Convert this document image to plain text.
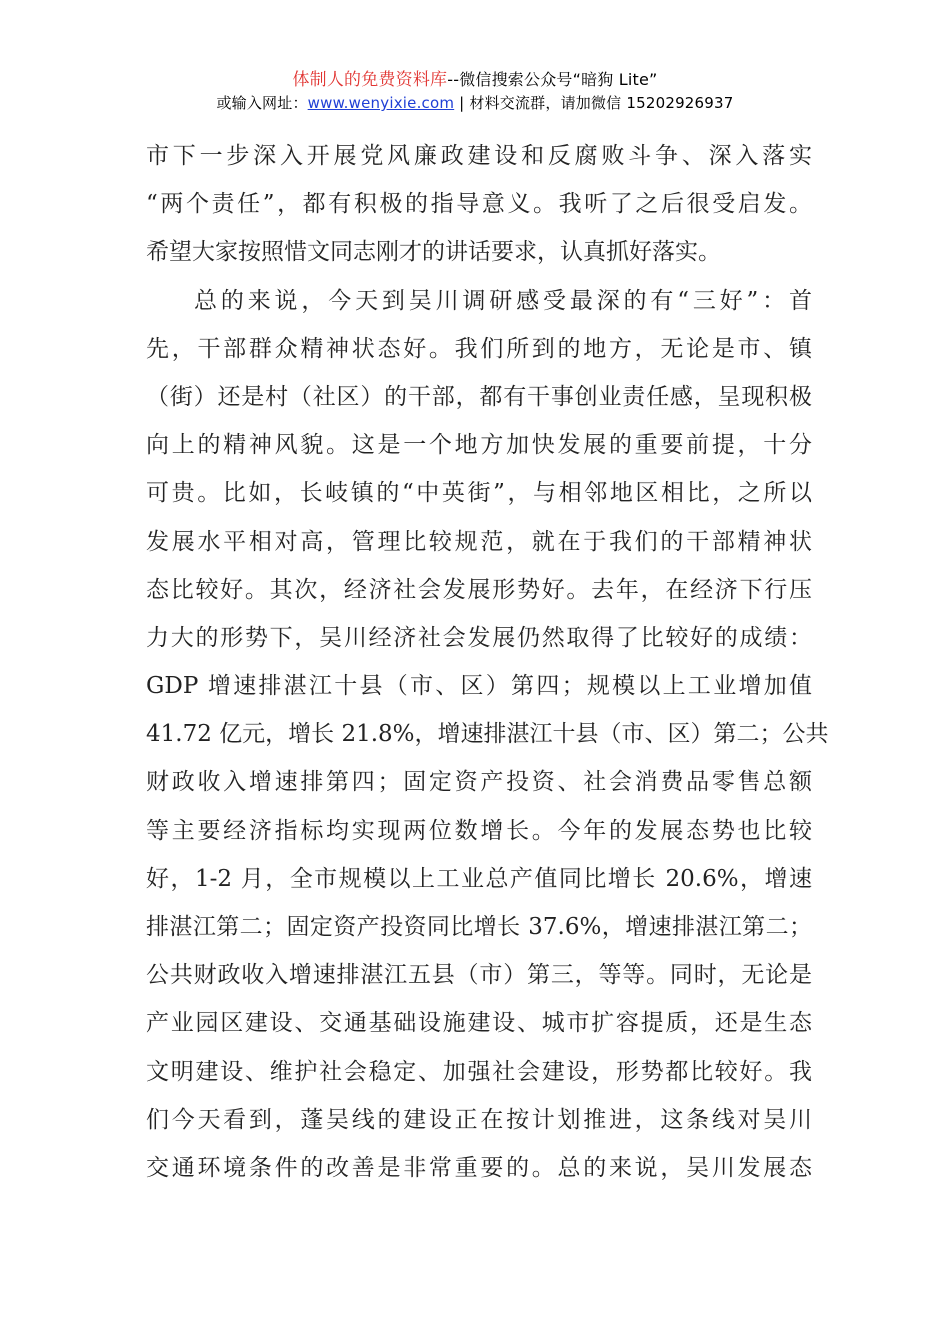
体制人的免费资料库--微信搜索公众号“暗狗 Lite”
或输入网址：www.wenyixie.com | 材料交流群，请加微信 15202926937
市下一步深入开展党风廉政建设和反腐败斗争、深入落实
“两个责任”，都有积极的指导意义。我听了之后很受启发。
希望大家按照惜文同志刚才的讲话要求，认真抓好落实。
总的来说，今天到吴川调研感受最深的有“三好”：首
先，干部群众精神状态好。我们所到的地方，无论是市、镇
（街）还是村（社区）的干部，都有干事创业责任感，呈现积极
向上的精神风貌。这是一个地方加快发展的重要前提，十分
可贵。比如，长岐镇的“中英街”，与相邻地区相比，之所以
发展水平相对高，管理比较规范，就在于我们的干部精神状
态比较好。其次，经济社会发展形势好。去年，在经济下行压
力大的形势下，吴川经济社会发展仍然取得了比较好的成绩：
GDP 增速排湛江十县（市、区）第四；规模以上工业增加值
41.72 亿元，增长 21.8%，增速排湛江十县（市、区）第二；公共
财政收入增速排第四；固定资产投资、社会消费品零售总额
等主要经济指标均实现两位数增长。今年的发展态势也比较
好，1-2 月，全市规模以上工业总产值同比增长 20.6%，增速
排湛江第二；固定资产投资同比增长 37.6%，增速排湛江第二；
公共财政收入增速排湛江五县（市）第三，等等。同时，无论是
产业园区建设、交通基础设施建设、城市扩容提质，还是生态
文明建设、维护社会稳定、加强社会建设，形势都比较好。我
们今天看到，蓬吴线的建设正在按计划推进，这条线对吴川
交通环境条件的改善是非常重要的。总的来说，吴川发展态
